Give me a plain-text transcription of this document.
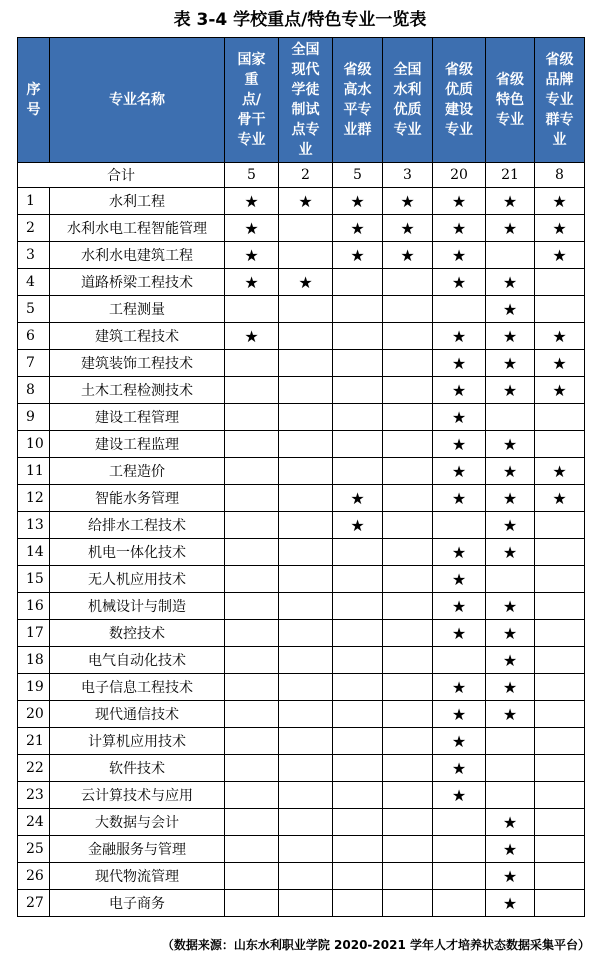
表 3-4 学校重点/特色专业一览表
序号	专业名称	国家重点/骨干专业	全国现代学徒制试点专业	省级高水平专业群	全国水利优质专业	省级优质建设专业	省级特色专业	省级品牌专业群专业
合计		5	2	5	3	20	21	8
1	水利工程	★	★	★	★	★	★	★
2	水利水电工程智能管理	★		★	★	★	★	★
3	水利水电建筑工程	★		★	★	★		★
4	道路桥梁工程技术	★	★			★	★	
5	工程测量						★	
6	建筑工程技术	★				★	★	★
7	建筑装饰工程技术					★	★	★
8	土木工程检测技术					★	★	★
9	建设工程管理					★		
10	建设工程监理					★	★	
11	工程造价					★	★	★
12	智能水务管理			★		★	★	★
13	给排水工程技术			★			★	
14	机电一体化技术					★	★	
15	无人机应用技术					★		
16	机械设计与制造					★	★	
17	数控技术					★	★	
18	电气自动化技术						★	
19	电子信息工程技术					★	★	
20	现代通信技术					★	★	
21	计算机应用技术					★		
22	软件技术					★		
23	云计算技术与应用					★		
24	大数据与会计						★	
25	金融服务与管理						★	
26	现代物流管理						★	
27	电子商务						★	
（数据来源：山东水利职业学院 2020-2021 学年人才培养状态数据采集平台）
